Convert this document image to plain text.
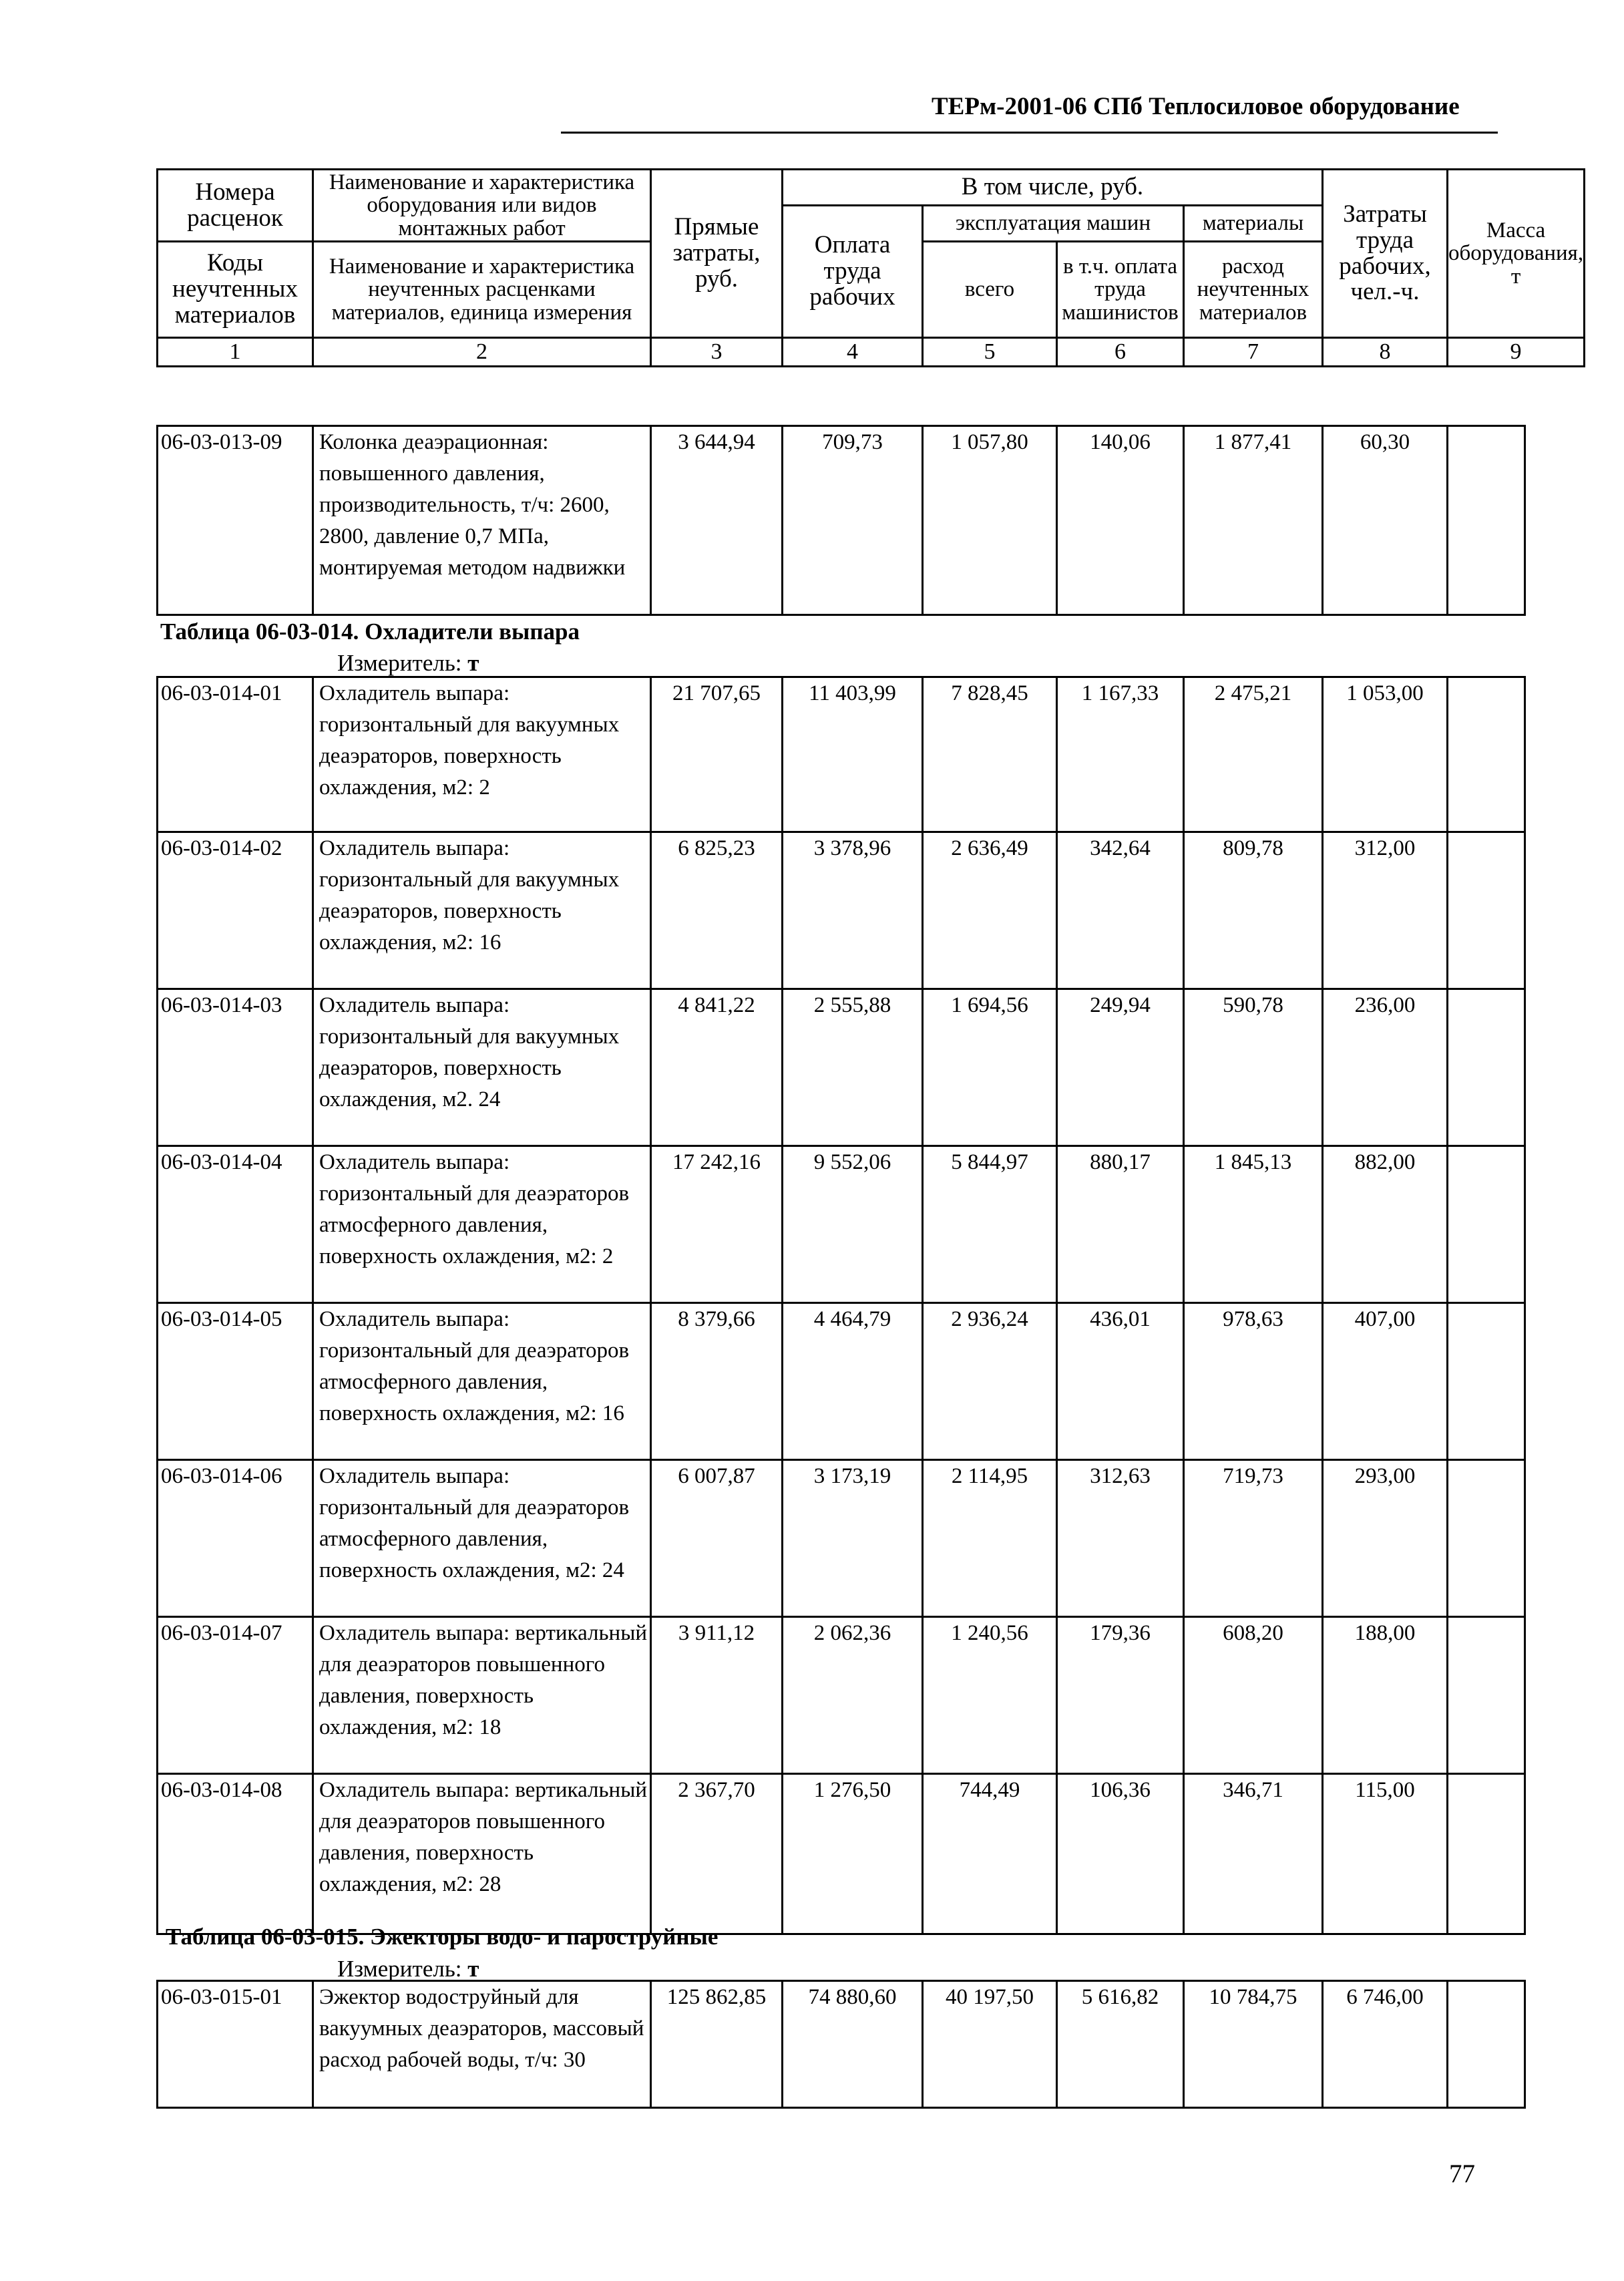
ТЕРм-2001-06 СПб Теплосиловое оборудование
Номера расценок	Наименование и характеристика оборудования или видов монтажных работ	Прямые затраты, руб.	В том числе, руб.				Затраты труда рабочих, чел.-ч.	Масса оборудования, т
			Оплата труда рабочих	эксплуатация машин		материалы		
Коды неучтенных материалов	Наименование и характеристика неучтенных расценками материалов, единица измерения			всего	в т.ч. оплата труда машинистов	расход неучтенных материалов		

1	2	3	4	5	6	7	8	9
06-03-013-09	Колонка деаэрационная: повышенного давления, производительность, т/ч: 2600, 2800, давление 0,7 МПа, монтируемая методом надвижки	3 644,94	709,73	1 057,80	140,06	1 877,41	60,30	
Таблица 06-03-014. Охладители выпара
Измеритель: т
06-03-014-01	Охладитель выпара: горизонтальный для вакуумных деаэраторов, поверхность охлаждения, м2: 2	21 707,65	11 403,99	7 828,45	1 167,33	2 475,21	1 053,00	
06-03-014-02	Охладитель выпара: горизонтальный для вакуумных деаэраторов, поверхность охлаждения, м2: 16	6 825,23	3 378,96	2 636,49	342,64	809,78	312,00	
06-03-014-03	Охладитель выпара: горизонтальный для вакуумных деаэраторов, поверхность охлаждения, м2. 24	4 841,22	2 555,88	1 694,56	249,94	590,78	236,00	
06-03-014-04	Охладитель выпара: горизонтальный для деаэраторов атмосферного давления, поверхность охлаждения, м2: 2	17 242,16	9 552,06	5 844,97	880,17	1 845,13	882,00	
06-03-014-05	Охладитель выпара: горизонтальный для деаэраторов атмосферного давления, поверхность охлаждения, м2: 16	8 379,66	4 464,79	2 936,24	436,01	978,63	407,00	
06-03-014-06	Охладитель выпара: горизонтальный для деаэраторов атмосферного давления, поверхность охлаждения, м2: 24	6 007,87	3 173,19	2 114,95	312,63	719,73	293,00	
06-03-014-07	Охладитель выпара: вертикальный для деаэраторов повышенного давления, поверхность охлаждения, м2: 18	3 911,12	2 062,36	1 240,56	179,36	608,20	188,00	
06-03-014-08	Охладитель выпара: вертикальный для деаэраторов повышенного давления, поверхность охлаждения, м2: 28	2 367,70	1 276,50	744,49	106,36	346,71	115,00	
Таблица 06-03-015. Эжекторы водо- и пароструйные
Измеритель: т
06-03-015-01	Эжектор водоструйный для вакуумных деаэраторов, массовый расход рабочей воды, т/ч: 30	125 862,85	74 880,60	40 197,50	5 616,82	10 784,75	6 746,00	
77
